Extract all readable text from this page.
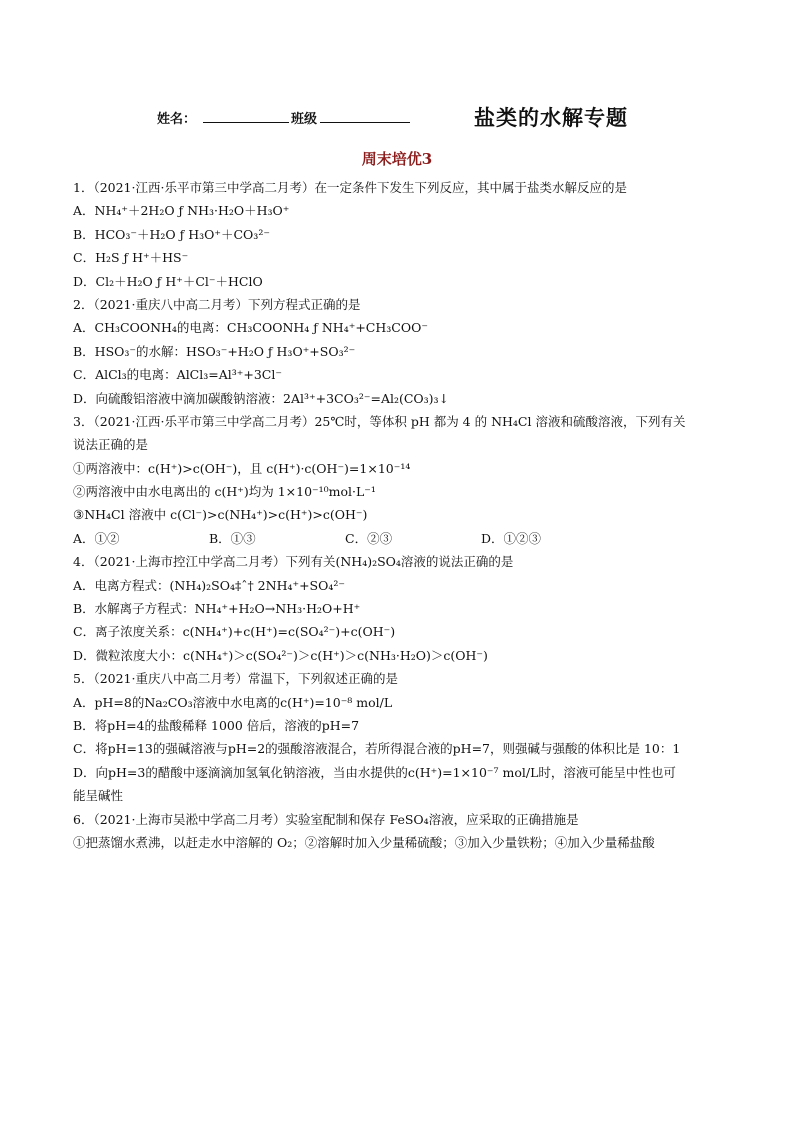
姓名：	班级	盐类的水解专题
周末培优3
1．（2021·江西·乐平市第三中学高二月考）在一定条件下发生下列反应，其中属于盐类水解反应的是
A．NH₄⁺＋2H₂O ƒ NH₃·H₂O＋H₃O⁺
B．HCO₃⁻＋H₂O ƒ H₃O⁺＋CO₃²⁻
C．H₂S ƒ H⁺＋HS⁻
D．Cl₂＋H₂O ƒ H⁺＋Cl⁻＋HClO
2．（2021·重庆八中高二月考）下列方程式正确的是
A．CH₃COONH₄的电离：CH₃COONH₄ ƒ NH₄⁺+CH₃COO⁻
B．HSO₃⁻的水解：HSO₃⁻+H₂O ƒ H₃O⁺+SO₃²⁻
C．AlCl₃的电离：AlCl₃=Al³⁺+3Cl⁻
D．向硫酸铝溶液中滴加碳酸钠溶液：2Al³⁺+3CO₃²⁻=Al₂(CO₃)₃↓
3．（2021·江西·乐平市第三中学高二月考）25℃时，等体积 pH 都为 4 的 NH₄Cl 溶液和硫酸溶液，下列有关
说法正确的是
①两溶液中：c(H⁺)>c(OH⁻)，且 c(H⁺)·c(OH⁻)=1×10⁻¹⁴
②两溶液中由水电离出的 c(H⁺)均为 1×10⁻¹⁰mol·L⁻¹
③NH₄Cl 溶液中 c(Cl⁻)>c(NH₄⁺)>c(H⁺)>c(OH⁻)
A．①②	B．①③	C．②③	D．①②③
4．（2021·上海市控江中学高二月考）下列有关(NH₄)₂SO₄溶液的说法正确的是
A．电离方程式：(NH₄)₂SO₄‡ˆ† 2NH₄⁺+SO₄²⁻
B．水解离子方程式：NH₄⁺+H₂O→NH₃·H₂O+H⁺
C．离子浓度关系：c(NH₄⁺)+c(H⁺)=c(SO₄²⁻)+c(OH⁻)
D．微粒浓度大小：c(NH₄⁺)＞c(SO₄²⁻)＞c(H⁺)＞c(NH₃·H₂O)＞c(OH⁻)
5．（2021·重庆八中高二月考）常温下，下列叙述正确的是
A．pH=8的Na₂CO₃溶液中水电离的c(H⁺)=10⁻⁸ mol/L
B．将pH=4的盐酸稀释 1000 倍后，溶液的pH=7
C．将pH=13的强碱溶液与pH=2的强酸溶液混合，若所得混合液的pH=7，则强碱与强酸的体积比是 10：1
D．向pH=3的醋酸中逐滴滴加氢氧化钠溶液，当由水提供的c(H⁺)=1×10⁻⁷ mol/L时，溶液可能呈中性也可
能呈碱性
6．（2021·上海市吴淞中学高二月考）实验室配制和保存 FeSO₄溶液，应采取的正确措施是
①把蒸馏水煮沸，以赶走水中溶解的 O₂；②溶解时加入少量稀硫酸；③加入少量铁粉；④加入少量稀盐酸
